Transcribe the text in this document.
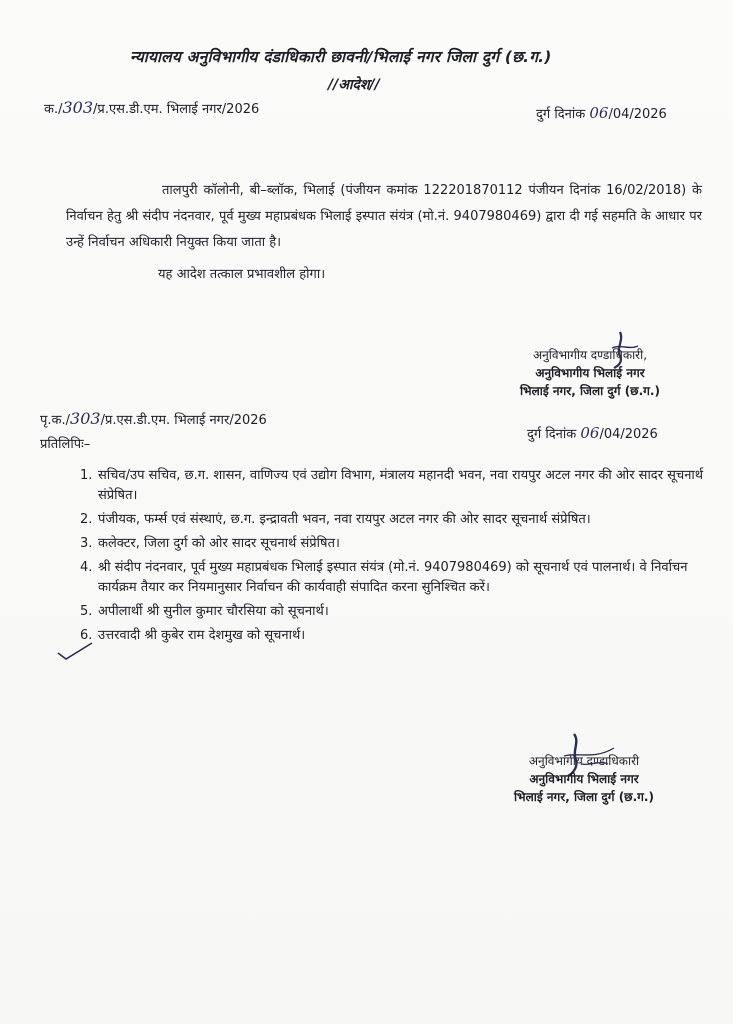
न्यायालय अनुविभागीय दंडाधिकारी छावनी/भिलाई नगर जिला दुर्ग (छ.ग.)
//आदेश//
क./303/प्र.एस.डी.एम. भिलाई नगर/2026	दुर्ग दिनांक 06/04/2026
तालपुरी कॉलोनी, बी–ब्लॉक, भिलाई (पंजीयन कमांक 122201870112 पंजीयन दिनांक 16/02/2018) के निर्वाचन हेतु श्री संदीप नंदनवार, पूर्व मुख्य महाप्रबंधक भिलाई इस्पात संयंत्र (मो.नं. 9407980469) द्वारा दी गई सहमति के आधार पर उन्हें निर्वाचन अधिकारी नियुक्त किया जाता है।
यह आदेश तत्काल प्रभावशील होगा।
अनुविभागीय दण्डाधिकारी,
अनुविभागीय भिलाई नगर
भिलाई नगर, जिला दुर्ग (छ.ग.)
पृ.क./303/प्र.एस.डी.एम. भिलाई नगर/2026
दुर्ग दिनांक 06/04/2026
प्रतिलिपिः–
1. सचिव/उप सचिव, छ.ग. शासन, वाणिज्य एवं उद्योग विभाग, मंत्रालय महानदी भवन, नवा रायपुर अटल नगर की ओर सादर सूचनार्थ संप्रेषित।
2. पंजीयक, फर्म्स एवं संस्थाएं, छ.ग. इन्द्रावती भवन, नवा रायपुर अटल नगर की ओर सादर सूचनार्थ संप्रेषित।
3. कलेक्टर, जिला दुर्ग को ओर सादर सूचनार्थ संप्रेषित।
4. श्री संदीप नंदनवार, पूर्व मुख्य महाप्रबंधक भिलाई इस्पात संयंत्र (मो.नं. 9407980469) को सूचनार्थ एवं पालनार्थ। वे निर्वाचन कार्यक्रम तैयार कर नियमानुसार निर्वाचन की कार्यवाही संपादित करना सुनिश्चित करें।
5. अपीलार्थी श्री सुनील कुमार चौरसिया को सूचनार्थ।
6. उत्तरवादी श्री कुबेर राम देशमुख को सूचनार्थ।
अनुविभागीय दण्डाधिकारी
अनुविभागीय भिलाई नगर
भिलाई नगर, जिला दुर्ग (छ.ग.)
